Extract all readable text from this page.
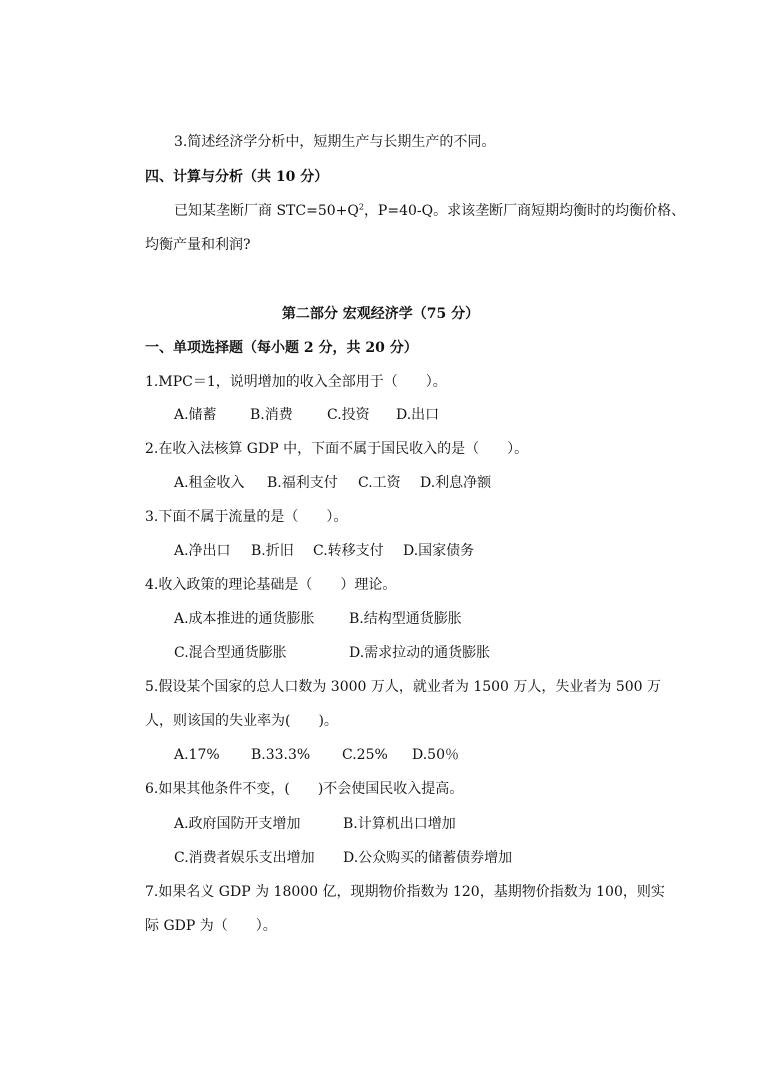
3.简述经济学分析中，短期生产与长期生产的不同。
四、计算与分析（共 10 分）
已知某垄断厂商 $STC=50+Q^2$，P=40-Q。求该垄断厂商短期均衡时的均衡价格、
均衡产量和利润?
第二部分 宏观经济学（75 分）
一、单项选择题（每小题 2 分，共 20 分）
1.MPC＝1，说明增加的收入全部用于（　　）。
A.储蓄 B.消费 C.投资 D.出口
2.在收入法核算 GDP 中，下面不属于国民收入的是（　　）。
A.租金收入 B.福利支付 C.工资 D.利息净额
3.下面不属于流量的是（　　）。
A.净出口 B.折旧 C.转移支付 D.国家债务
4.收入政策的理论基础是（　　）理论。
A.成本推进的通货膨胀 B.结构型通货膨胀
C.混合型通货膨胀	D.需求拉动的通货膨胀
5.假设某个国家的总人口数为 3000 万人，就业者为 1500 万人，失业者为 500 万
人，则该国的失业率为(　　)。
A.17% B.33.3% C.25% D.50％
6.如果其他条件不变，(　　)不会使国民收入提高。
A.政府国防开支增加	B.计算机出口增加
C.消费者娱乐支出增加 D.公众购买的储蓄债券增加
7.如果名义 GDP 为 18000 亿，现期物价指数为 120，基期物价指数为 100，则实
际 GDP 为（　　）。
